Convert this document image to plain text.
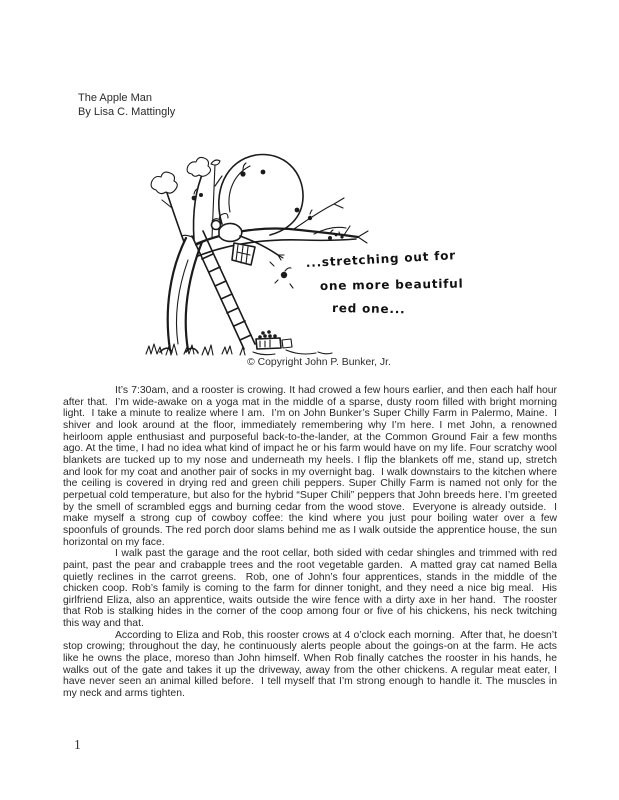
The Apple Man
By Lisa C. Mattingly
...stretching out for
one more beautiful
red one...
© Copyright John P. Bunker, Jr.

It’s 7:30am, and a rooster is crowing. It had crowed a few hours earlier, and then each half hour after that.  I’m wide-awake on a yoga mat in the middle of a sparse, dusty room filled with bright morning light.  I take a minute to realize where I am.  I’m on John Bunker’s Super Chilly Farm in Palermo, Maine.  I shiver and look around at the floor, immediately remembering why I’m here. I met John, a renowned heirloom apple enthusiast and purposeful back-to-the-lander, at the Common Ground Fair a few months ago. At the time, I had no idea what kind of impact he or his farm would have on my life. Four scratchy wool blankets are tucked up to my nose and underneath my heels. I flip the blankets off me, stand up, stretch and look for my coat and another pair of socks in my overnight bag.  I walk downstairs to the kitchen where the ceiling is covered in drying red and green chili peppers. Super Chilly Farm is named not only for the perpetual cold temperature, but also for the hybrid “Super Chili” peppers that John breeds here. I’m greeted by the smell of scrambled eggs and burning cedar from the wood stove.  Everyone is already outside.  I make myself a strong cup of cowboy coffee: the kind where you just pour boiling water over a few spoonfuls of grounds. The red porch door slams behind me as I walk outside the apprentice house, the sun horizontal on my face.

I walk past the garage and the root cellar, both sided with cedar shingles and trimmed with red paint, past the pear and crabapple trees and the root vegetable garden.  A matted gray cat named Bella quietly reclines in the carrot greens.  Rob, one of John’s four apprentices, stands in the middle of the chicken coop. Rob’s family is coming to the farm for dinner tonight, and they need a nice big meal.  His girlfriend Eliza, also an apprentice, waits outside the wire fence with a dirty axe in her hand.  The rooster that Rob is stalking hides in the corner of the coop among four or five of his chickens, his neck twitching this way and that.

According to Eliza and Rob, this rooster crows at 4 o’clock each morning.  After that, he doesn’t stop crowing; throughout the day, he continuously alerts people about the goings-on at the farm. He acts like he owns the place, moreso than John himself. When Rob finally catches the rooster in his hands, he walks out of the gate and takes it up the driveway, away from the other chickens. A regular meat eater, I have never seen an animal killed before.  I tell myself that I’m strong enough to handle it. The muscles in my neck and arms tighten.

1
